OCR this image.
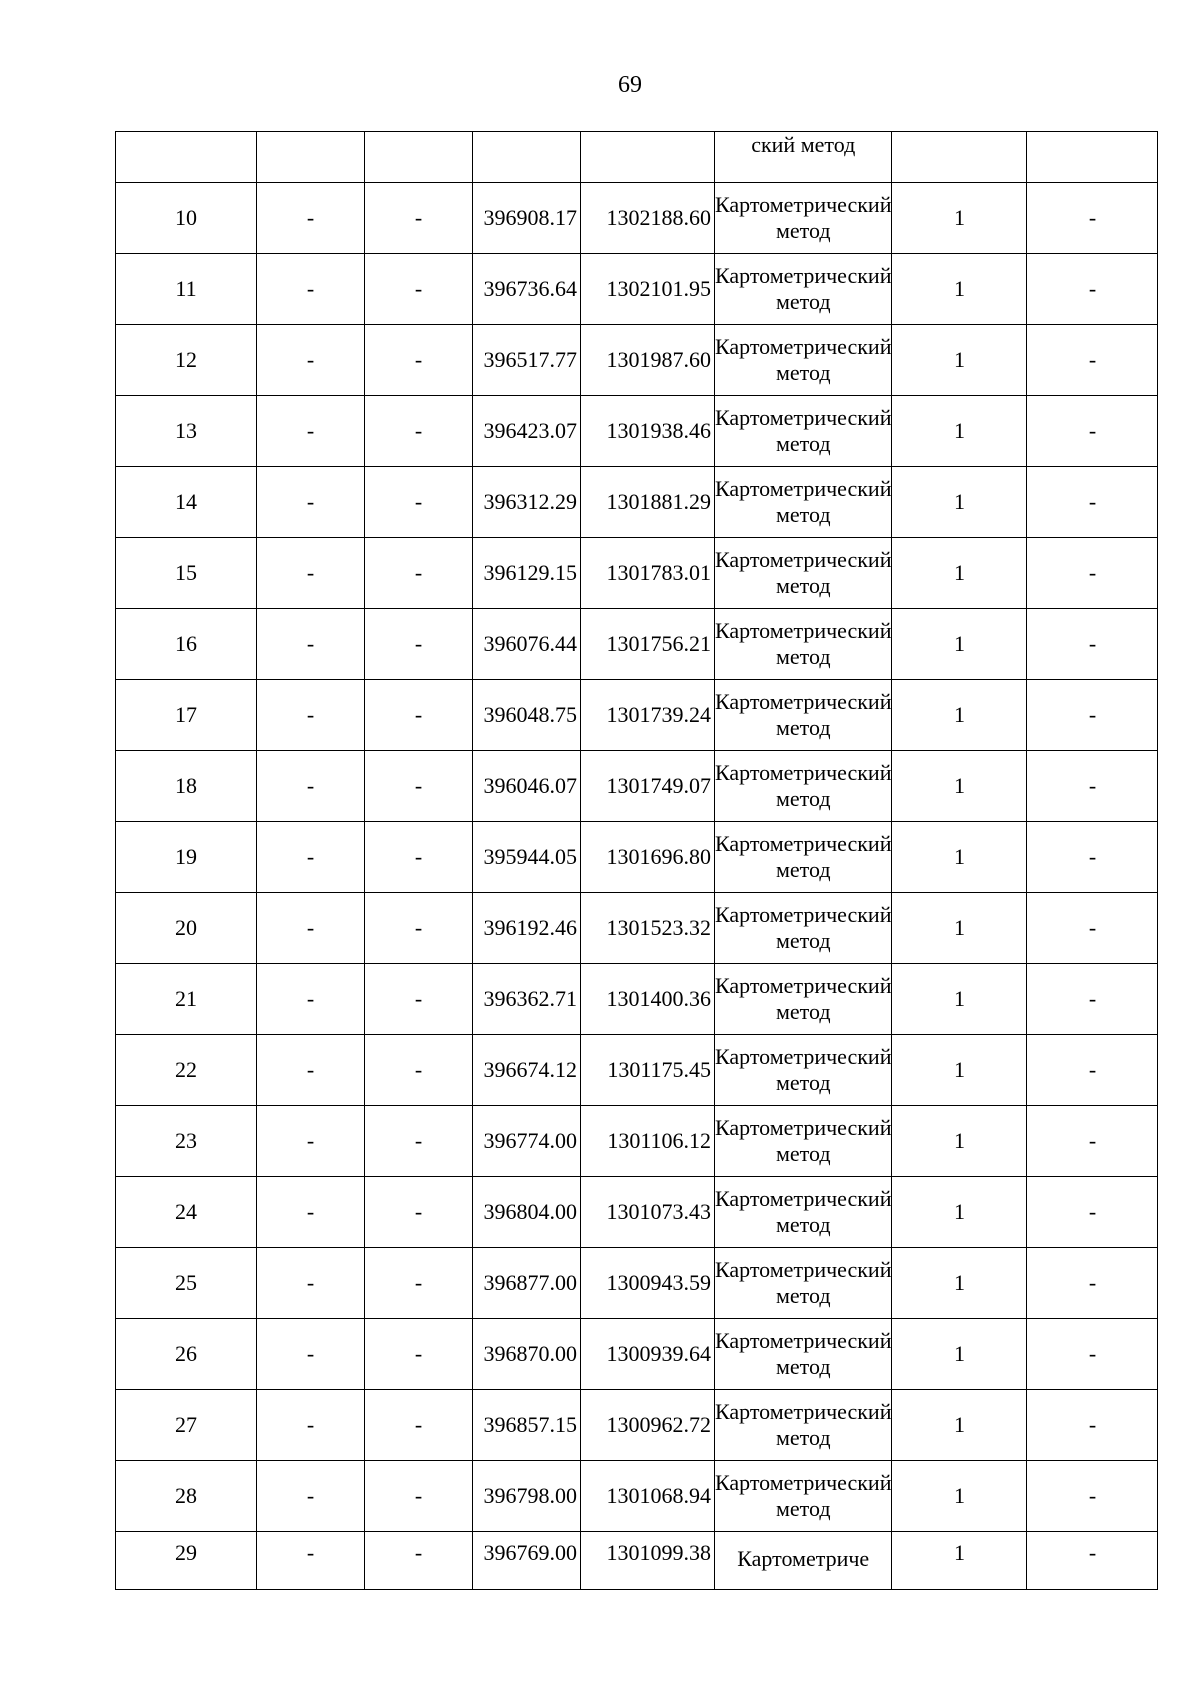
69
					ский метод		
10	-	-	396908.17	1302188.60	Картометрический метод	1	-
11	-	-	396736.64	1302101.95	Картометрический метод	1	-
12	-	-	396517.77	1301987.60	Картометрический метод	1	-
13	-	-	396423.07	1301938.46	Картометрический метод	1	-
14	-	-	396312.29	1301881.29	Картометрический метод	1	-
15	-	-	396129.15	1301783.01	Картометрический метод	1	-
16	-	-	396076.44	1301756.21	Картометрический метод	1	-
17	-	-	396048.75	1301739.24	Картометрический метод	1	-
18	-	-	396046.07	1301749.07	Картометрический метод	1	-
19	-	-	395944.05	1301696.80	Картометрический метод	1	-
20	-	-	396192.46	1301523.32	Картометрический метод	1	-
21	-	-	396362.71	1301400.36	Картометрический метод	1	-
22	-	-	396674.12	1301175.45	Картометрический метод	1	-
23	-	-	396774.00	1301106.12	Картометрический метод	1	-
24	-	-	396804.00	1301073.43	Картометрический метод	1	-
25	-	-	396877.00	1300943.59	Картометрический метод	1	-
26	-	-	396870.00	1300939.64	Картометрический метод	1	-
27	-	-	396857.15	1300962.72	Картометрический метод	1	-
28	-	-	396798.00	1301068.94	Картометрический метод	1	-
29	-	-	396769.00	1301099.38	Картометриче	1	-
